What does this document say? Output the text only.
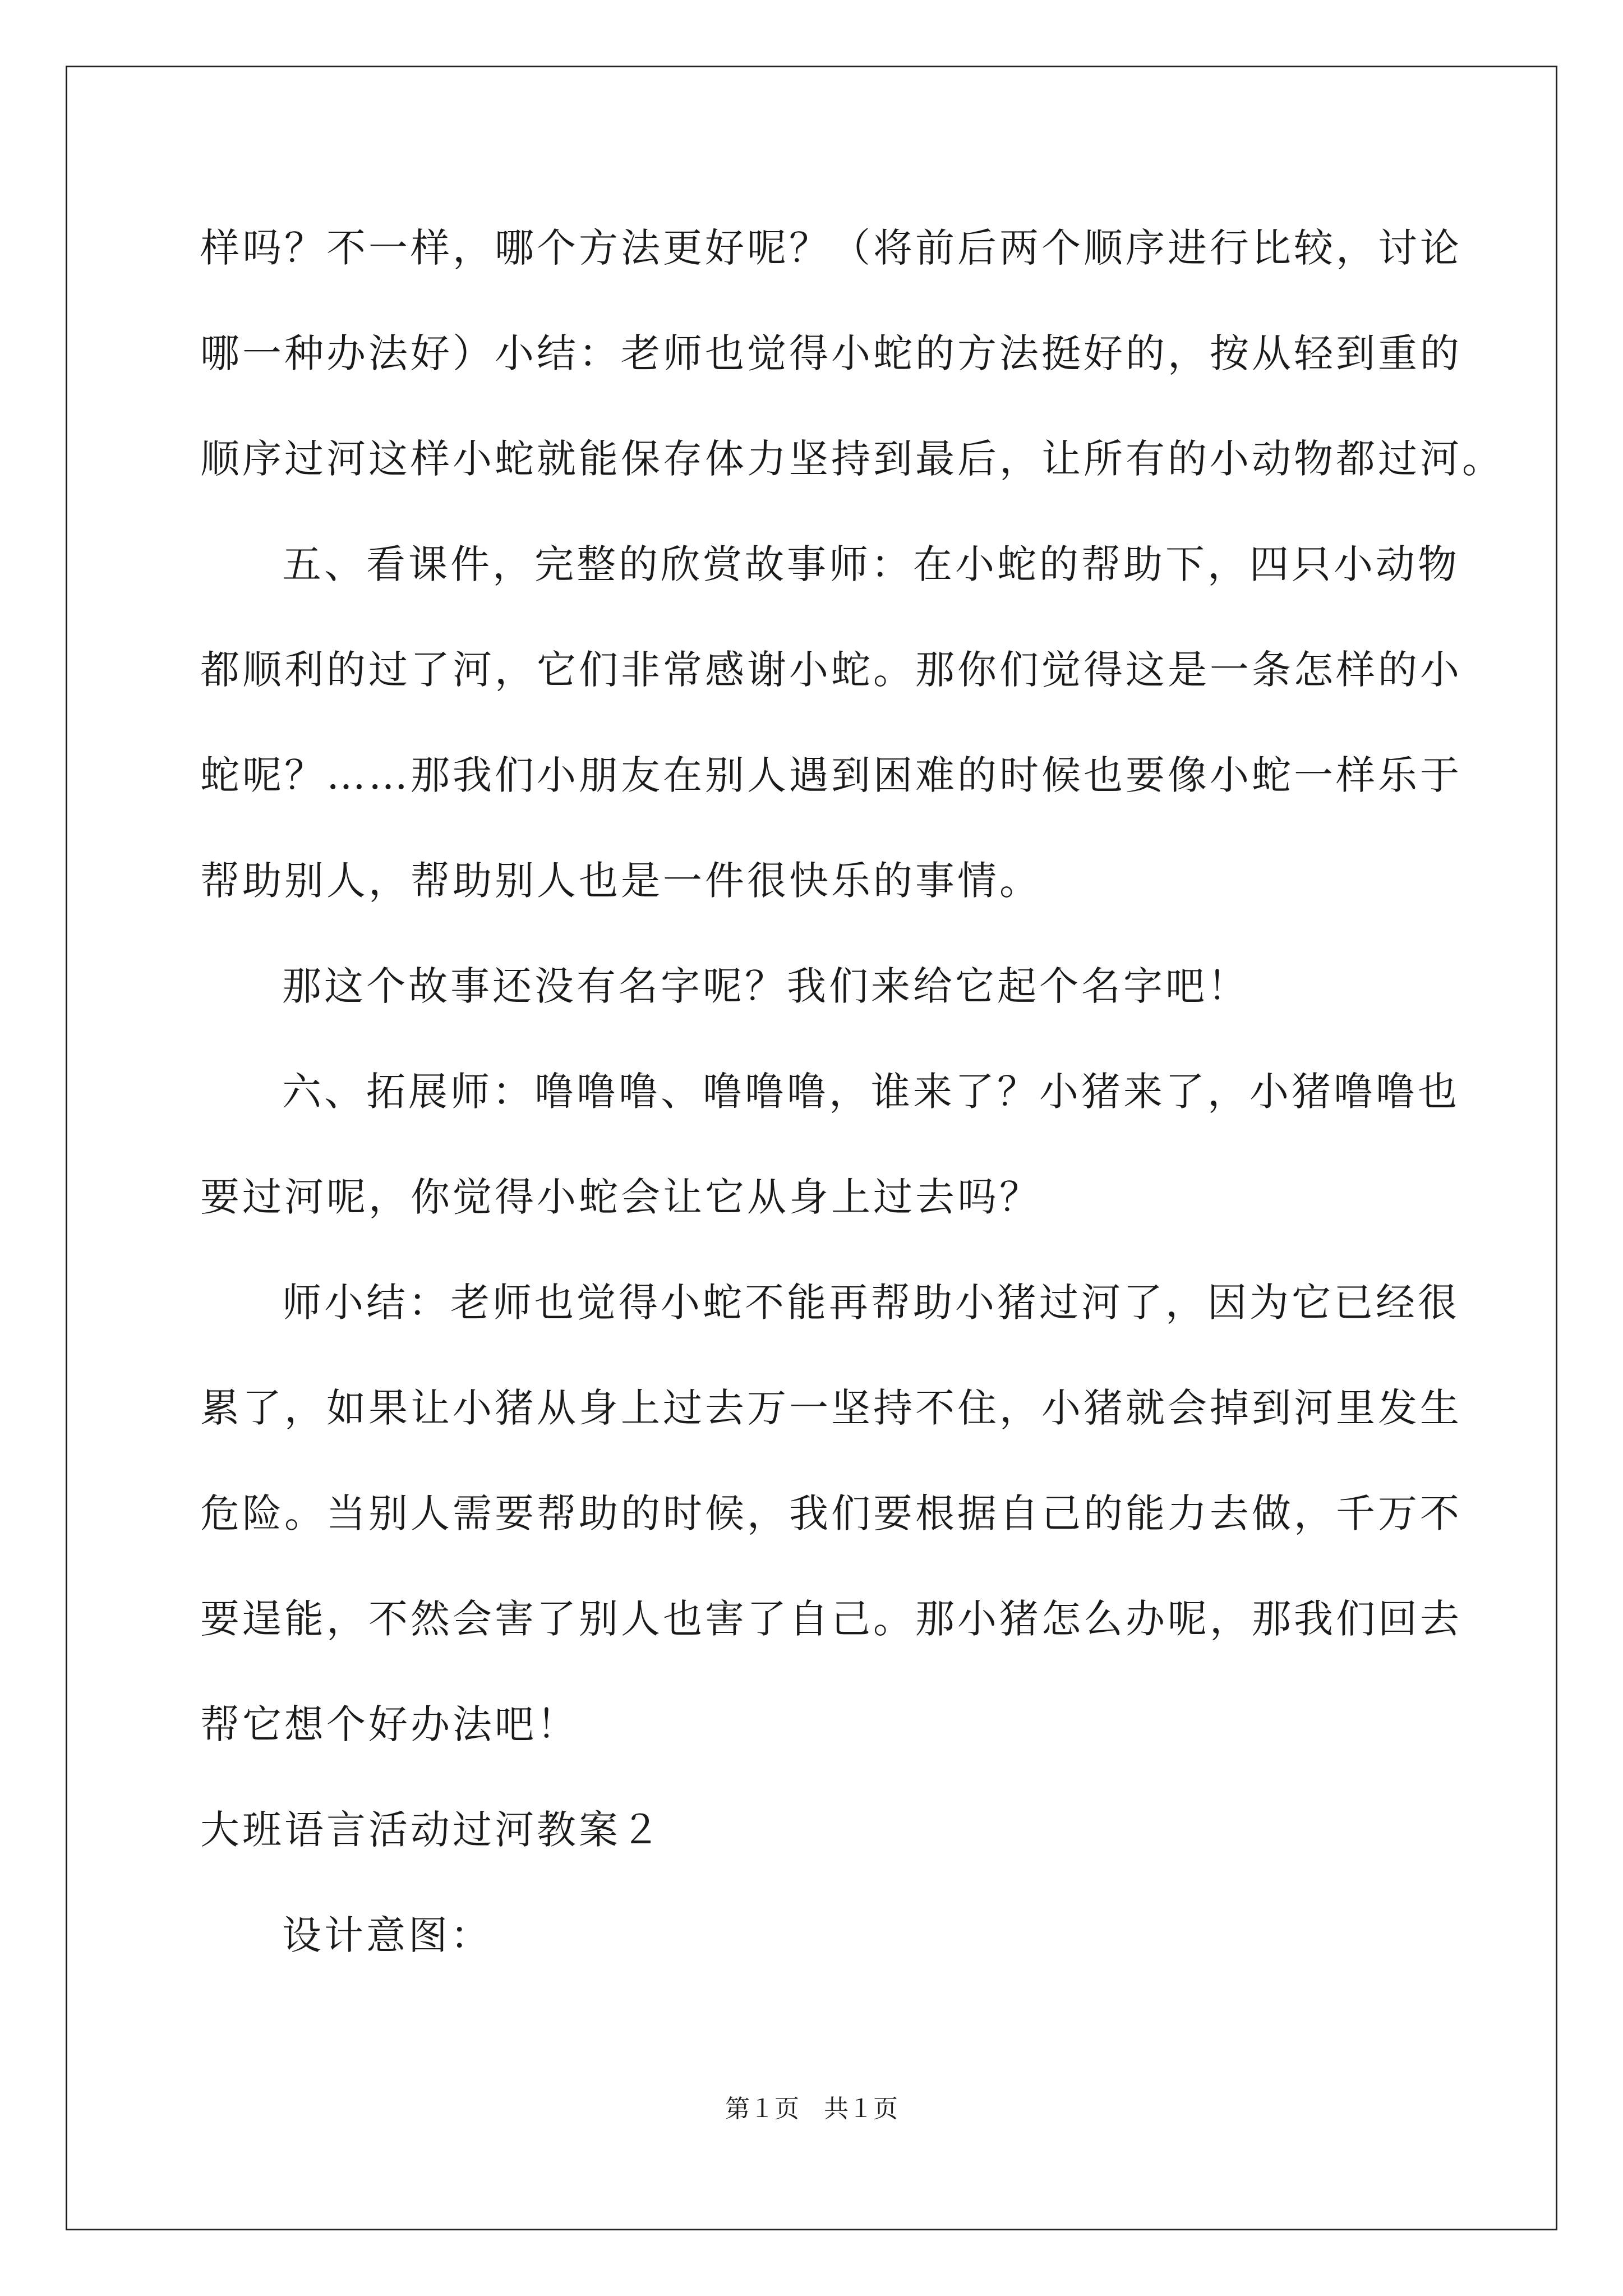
样吗？不一样，哪个方法更好呢？（将前后两个顺序进行比较，讨论
哪一种办法好）小结：老师也觉得小蛇的方法挺好的，按从轻到重的
顺序过河这样小蛇就能保存体力坚持到最后，让所有的小动物都过河。
五、看课件，完整的欣赏故事师：在小蛇的帮助下，四只小动物
都顺利的过了河，它们非常感谢小蛇。那你们觉得这是一条怎样的小
蛇呢？……那我们小朋友在别人遇到困难的时候也要像小蛇一样乐于
帮助别人，帮助别人也是一件很快乐的事情。
那这个故事还没有名字呢？我们来给它起个名字吧！
六、拓展师：噜噜噜、噜噜噜，谁来了？小猪来了，小猪噜噜也
要过河呢，你觉得小蛇会让它从身上过去吗？
师小结：老师也觉得小蛇不能再帮助小猪过河了，因为它已经很
累了，如果让小猪从身上过去万一坚持不住，小猪就会掉到河里发生
危险。当别人需要帮助的时候，我们要根据自己的能力去做，千万不
要逞能，不然会害了别人也害了自己。那小猪怎么办呢，那我们回去
帮它想个好办法吧！
大班语言活动过河教案２
设计意图：
第１页　共１页
